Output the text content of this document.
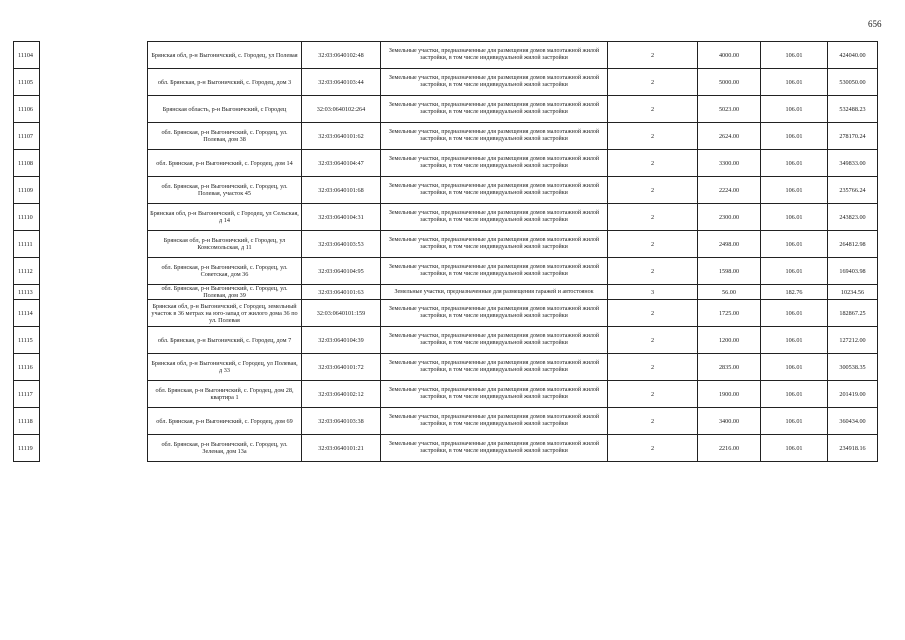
656
11104		Брянская обл, р-н Выгоничский, с. Городец, ул Полевая	32:03:0640102:48	Земельные участки, предназначенные для размещения домов малоэтажной жилой застройки, в том числе индивидуальной жилой застройки	2	4000.00	106.01	424040.00
11105		обл. Брянская, р-н Выгоничский, с. Городец, дом 3	32:03:0640103:44	Земельные участки, предназначенные для размещения домов малоэтажной жилой застройки, в том числе индивидуальной жилой застройки	2	5000.00	106.01	530050.00
11106		Брянская область, р-н Выгоничский, с Городец	32:03:0640102:264	Земельные участки, предназначенные для размещения домов малоэтажной жилой застройки, в том числе индивидуальной жилой застройки	2	5023.00	106.01	532488.23
11107		обл. Брянская, р-н Выгоничский, с. Городец, ул. Полевая, дом 38	32:03:0640101:62	Земельные участки, предназначенные для размещения домов малоэтажной жилой застройки, в том числе индивидуальной жилой застройки	2	2624.00	106.01	278170.24
11108		обл. Брянская, р-н Выгоничский, с. Городец, дом 14	32:03:0640104:47	Земельные участки, предназначенные для размещения домов малоэтажной жилой застройки, в том числе индивидуальной жилой застройки	2	3300.00	106.01	349833.00
11109		обл. Брянская, р-н Выгоничский, с. Городец, ул. Полевая, участок 45	32:03:0640101:68	Земельные участки, предназначенные для размещения домов малоэтажной жилой застройки, в том числе индивидуальной жилой застройки	2	2224.00	106.01	235766.24
11110		Брянская обл, р-н Выгоничский, с Городец, ул Сельская, д 14	32:03:0640104:31	Земельные участки, предназначенные для размещения домов малоэтажной жилой застройки, в том числе индивидуальной жилой застройки	2	2300.00	106.01	243823.00
11111		Брянская обл, р-н Выгоничский, с Городец, ул Комсомольская, д 11	32:03:0640103:53	Земельные участки, предназначенные для размещения домов малоэтажной жилой застройки, в том числе индивидуальной жилой застройки	2	2498.00	106.01	264812.98
11112		обл. Брянская, р-н Выгоничский, с. Городец, ул. Советская, дом 36	32:03:0640104:95	Земельные участки, предназначенные для размещения домов малоэтажной жилой застройки, в том числе индивидуальной жилой застройки	2	1598.00	106.01	169403.98
11113		обл. Брянская, р-н Выгоничский, с. Городец, ул. Полевая, дом 39	32:03:0640101:63	Земельные участки, предназначенные для размещения гаражей и автостоянок	3	56.00	182.76	10234.56
11114		Брянская обл, р-н Выгоничский, с Городец, земельный участок в 36 метрах на юго-запад от жилого дома 36 по ул. Полевая	32:03:0640101:159	Земельные участки, предназначенные для размещения домов малоэтажной жилой застройки, в том числе индивидуальной жилой застройки	2	1725.00	106.01	182867.25
11115		обл. Брянская, р-н Выгоничский, с. Городец, дом 7	32:03:0640104:39	Земельные участки, предназначенные для размещения домов малоэтажной жилой застройки, в том числе индивидуальной жилой застройки	2	1200.00	106.01	127212.00
11116		Брянская обл, р-н Выгоничский, с Городец, ул Полевая, д 33	32:03:0640101:72	Земельные участки, предназначенные для размещения домов малоэтажной жилой застройки, в том числе индивидуальной жилой застройки	2	2835.00	106.01	300538.35
11117		обл. Брянская, р-н Выгоничский, с. Городец, дом 28, квартира 1	32:03:0640102:12	Земельные участки, предназначенные для размещения домов малоэтажной жилой застройки, в том числе индивидуальной жилой застройки	2	1900.00	106.01	201419.00
11118		обл. Брянская, р-н Выгоничский, с. Городец, дом 69	32:03:0640103:38	Земельные участки, предназначенные для размещения домов малоэтажной жилой застройки, в том числе индивидуальной жилой застройки	2	3400.00	106.01	360434.00
11119		обл. Брянская, р-н Выгоничский, с. Городец, ул. Зеленая, дом 13а	32:03:0640101:21	Земельные участки, предназначенные для размещения домов малоэтажной жилой застройки, в том числе индивидуальной жилой застройки	2	2216.00	106.01	234918.16
